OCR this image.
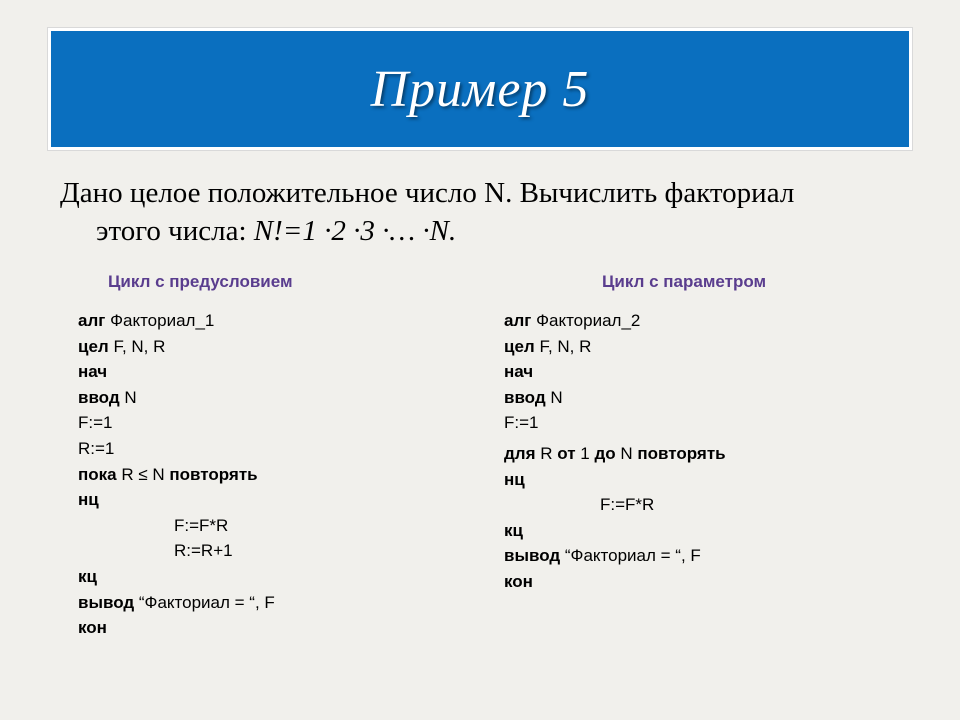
Пример 5
Дано целое положительное число N. Вычислить факториал
этого числа: N!=1 ·2 ·3 ·… ·N.
Цикл с предусловием	Цикл с параметром
алг Факториал_1
цел F, N, R
нач
ввод N
F:=1
R:=1
пока R ≤ N повторять
нц
F:=F*R
R:=R+1
кц
вывод “Факториал = “, F
кон
алг Факториал_2
цел F, N, R
нач
ввод N
F:=1
для R от 1 до N повторять
нц
F:=F*R
кц
вывод “Факториал = “, F
кон
